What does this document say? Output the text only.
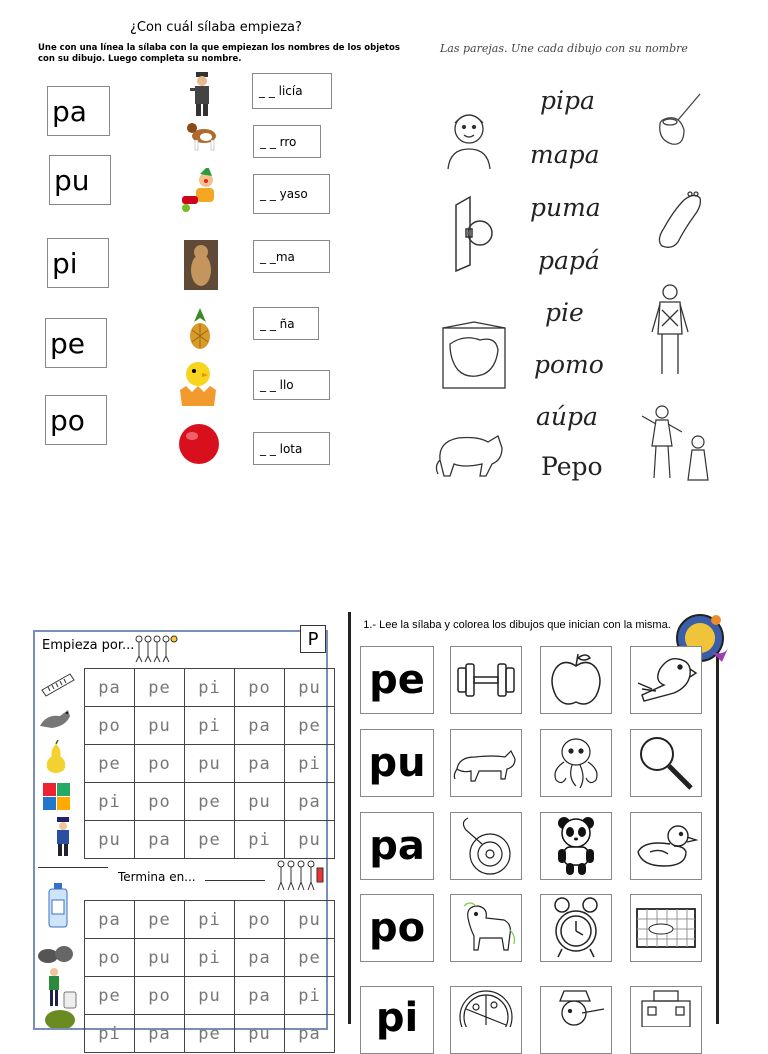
¿Con cuál sílaba empieza?
Une con una línea la sílaba con la que empiezan los nombres de los objetos con su dibujo. Luego completa su nombre.
pa
pu
pi
pe
po
_ _ licía
_ _ rro
_ _ yaso
_ _ma
_ _ ña
_ _ llo
_ _ lota
Las parejas. Une cada dibujo con su nombre
pipa
mapa
puma
papá
pie
pomo
aúpa
Pepo
Empieza por...	P
pa	pe	pi	po	pu
po	pu	pi	pa	pe
pe	po	pu	pa	pi
pi	po	pe	pu	pa
pu	pa	pe	pi	pu
Termina en...
pa	pe	pi	po	pu
po	pu	pi	pa	pe
pe	po	pu	pa	pi
pi	pa	pe	pu	pa

1.- Lee la sílaba y colorea los dibujos que inician con la misma.
pe
pu
pa
po
pi
